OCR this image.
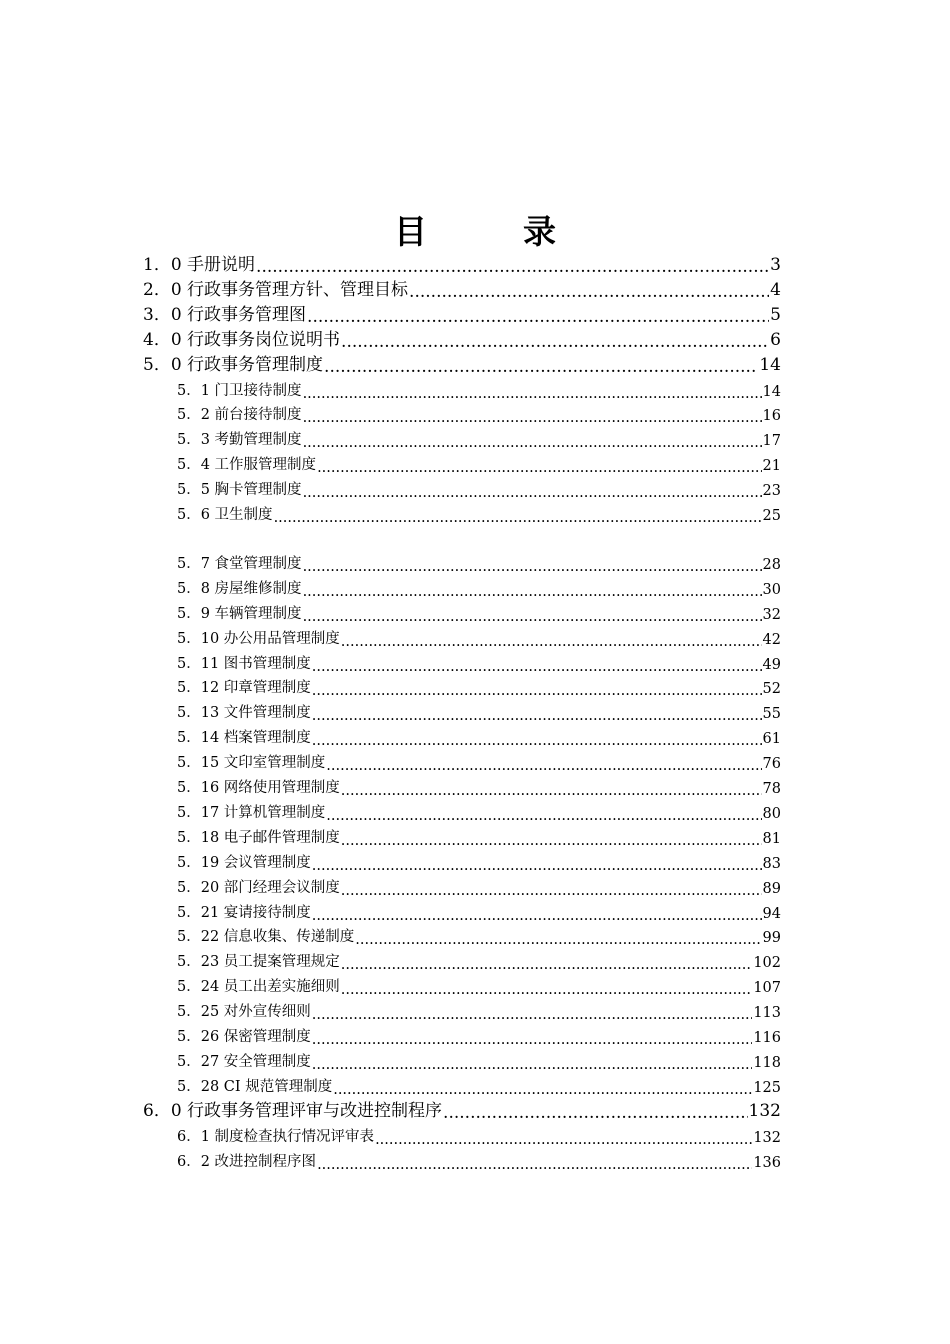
目	录
1．0 手册说明 .....	3
2．0 行政事务管理方针、管理目标 .....	4
3．0 行政事务管理图 .....	5
4．0 行政事务岗位说明书 .....	6
5．0 行政事务管理制度 .....	14
5．1 门卫接待制度 .....	14
5．2 前台接待制度 .....	16
5．3 考勤管理制度 .....	17
5．4 工作服管理制度 .....	21
5．5 胸卡管理制度 .....	23
5．6 卫生制度 .....	25
5．7 食堂管理制度 .....	28
5．8 房屋维修制度 .....	30
5．9 车辆管理制度 .....	32
5．10 办公用品管理制度 .....	42
5．11 图书管理制度 .....	49
5．12 印章管理制度 .....	52
5．13 文件管理制度 .....	55
5．14 档案管理制度 .....	61
5．15 文印室管理制度 .....	76
5．16 网络使用管理制度 .....	78
5．17 计算机管理制度 .....	80
5．18 电子邮件管理制度 .....	81
5．19 会议管理制度 .....	83
5．20 部门经理会议制度 .....	89
5．21 宴请接待制度 .....	94
5．22 信息收集、传递制度 .....	99
5．23 员工提案管理规定 .....	102
5．24 员工出差实施细则 .....	107
5．25 对外宣传细则 .....	113
5．26 保密管理制度 .....	116
5．27 安全管理制度 .....	118
5．28 CI 规范管理制度 .....	125
6．0 行政事务管理评审与改进控制程序 .....	132
6．1 制度检查执行情况评审表 .....	132
6．2 改进控制程序图 .....	136
